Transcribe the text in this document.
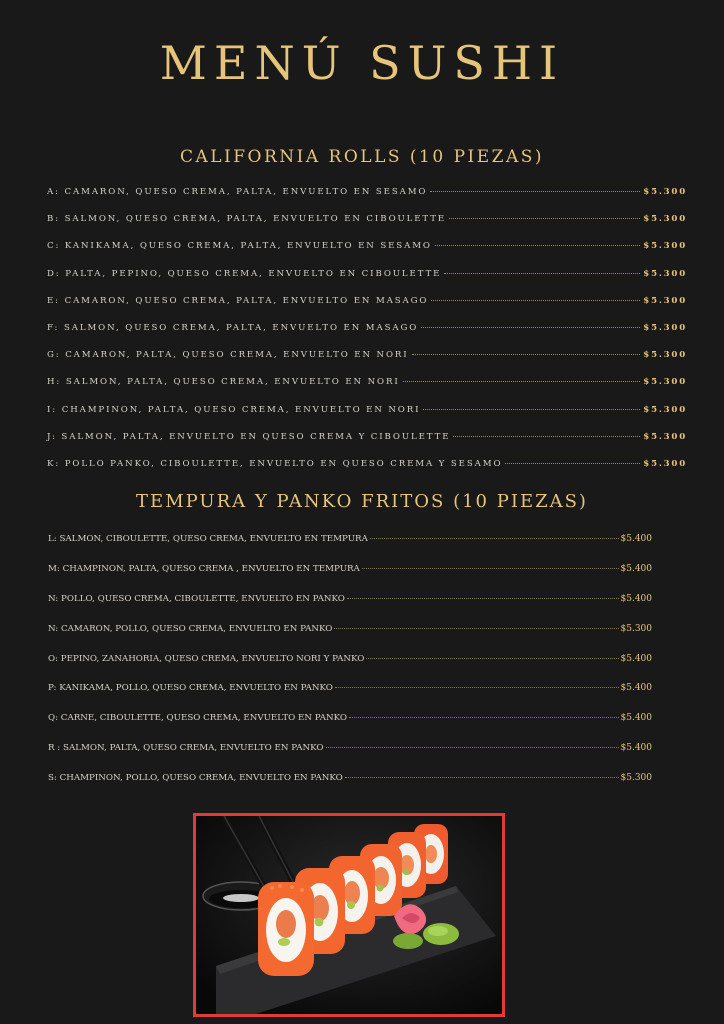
MENÚ SUSHI
CALIFORNIA ROLLS (10 PIEZAS)
A: CAMARON, QUESO CREMA, PALTA, ENVUELTO EN SESAMO	$5.300
B: SALMON, QUESO CREMA, PALTA, ENVUELTO EN CIBOULETTE	$5.300
C: KANIKAMA, QUESO CREMA, PALTA, ENVUELTO EN SESAMO	$5.300
D: PALTA, PEPINO, QUESO CREMA, ENVUELTO EN CIBOULETTE	$5.300
E: CAMARON, QUESO CREMA, PALTA, ENVUELTO EN MASAGO	$5.300
F: SALMON, QUESO CREMA, PALTA, ENVUELTO EN MASAGO	$5.300
G: CAMARON, PALTA, QUESO CREMA, ENVUELTO EN NORI	$5.300
H: SALMON, PALTA, QUESO CREMA, ENVUELTO EN NORI	$5.300
I: CHAMPINON, PALTA, QUESO CREMA, ENVUELTO EN NORI	$5.300
J: SALMON, PALTA, ENVUELTO EN QUESO CREMA Y CIBOULETTE	$5.300
K: POLLO PANKO, CIBOULETTE, ENVUELTO EN QUESO CREMA Y SESAMO	$5.300
TEMPURA Y PANKO FRITOS (10 PIEZAS)
L: SALMON, CIBOULETTE, QUESO CREMA, ENVUELTO EN TEMPURA	$5.400
M: CHAMPINON, PALTA, QUESO CREMA , ENVUELTO EN TEMPURA	$5.400
N: POLLO, QUESO CREMA, CIBOULETTE, ENVUELTO EN PANKO	$5.400
N: CAMARON, POLLO, QUESO CREMA, ENVUELTO EN PANKO	$5.300
O: PEPINO, ZANAHORIA, QUESO CREMA, ENVUELTO NORI Y PANKO	$5.400
P: KANIKAMA, POLLO, QUESO CREMA, ENVUELTO EN PANKO	$5.400
Q: CARNE, CIBOULETTE, QUESO CREMA, ENVUELTO EN PANKO	$5.400
R : SALMON, PALTA, QUESO CREMA, ENVUELTO EN PANKO	$5.400
S: CHAMPINON, POLLO, QUESO CREMA, ENVUELTO EN PANKO	$5.300
